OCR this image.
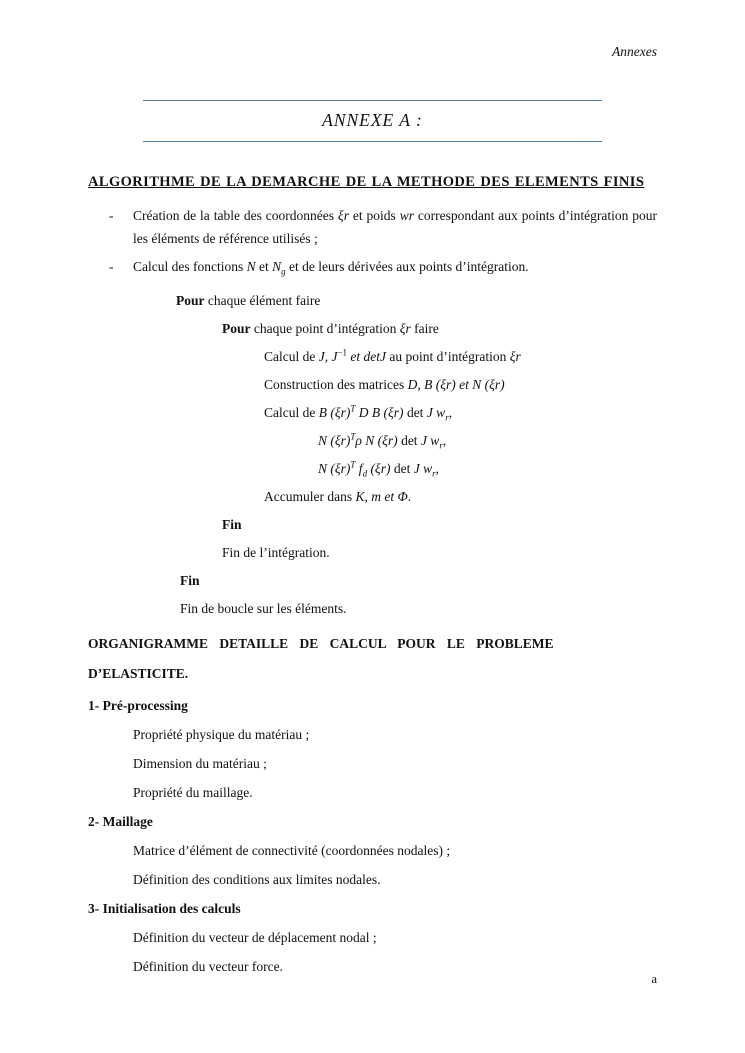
Annexes
ANNEXE A :
ALGORITHME DE LA DEMARCHE DE LA METHODE DES ELEMENTS FINIS
- Création de la table des coordonnées ξr et poids wr correspondant aux points d’intégration pour les éléments de référence utilisés ;
- Calcul des fonctions N et $N_g$ et de leurs dérivées aux points d’intégration.
Pour chaque élément faire
Pour chaque point d’intégration ξr faire
Calcul de J, $J^{-1}$ et detJ au point d’intégration ξr
Construction des matrices D, B (ξr) et N (ξr)
Calcul de B $(\xi r)^T$ D B (ξr) det J $w_r$,
N $(\xi r)^T\rho$ N (ξr) det J $w_r$,
N $(\xi r)^T$ $f_d$ (ξr) det J $w_r$,
Accumuler dans K, m et Φ.
Fin
Fin de l’intégration.
Fin
Fin de boucle sur les éléments.
ORGANIGRAMME DETAILLE DE CALCUL POUR LE PROBLEME
D’ELASTICITE.
1- Pré-processing
Propriété physique du matériau ;
Dimension du matériau ;
Propriété du maillage.
2- Maillage
Matrice d’élément de connectivité (coordonnées nodales) ;
Définition des conditions aux limites nodales.
3- Initialisation des calculs
Définition du vecteur de déplacement nodal ;
Définition du vecteur force.
a
